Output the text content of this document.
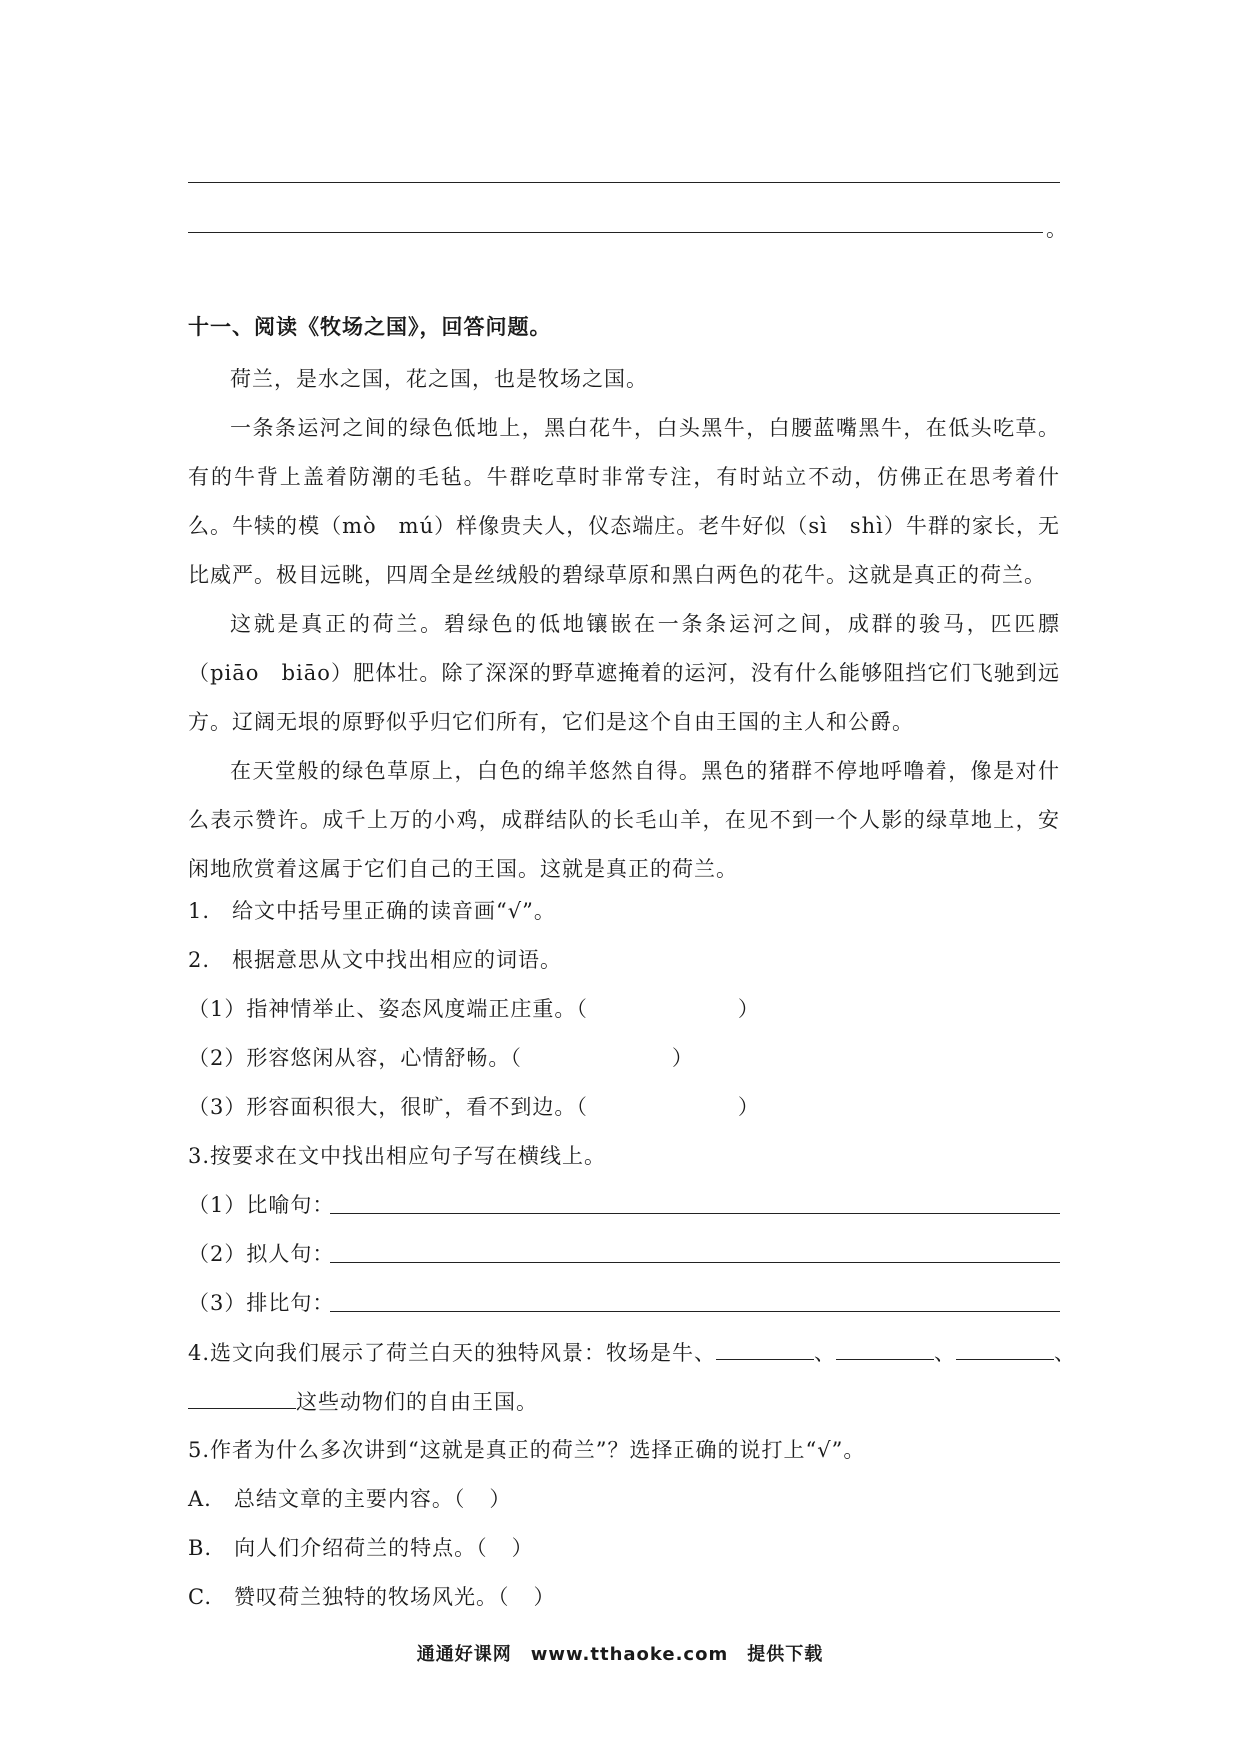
。
十一、阅读《牧场之国》，回答问题。
荷兰，是水之国，花之国，也是牧场之国。
一条条运河之间的绿色低地上，黑白花牛，白头黑牛，白腰蓝嘴黑牛，在低头吃草。有的牛背上盖着防潮的毛毡。牛群吃草时非常专注，有时站立不动，仿佛正在思考着什么。牛犊的模（mò　mú）样像贵夫人，仪态端庄。老牛好似（sì　shì）牛群的家长，无比威严。极目远眺，四周全是丝绒般的碧绿草原和黑白两色的花牛。这就是真正的荷兰。
这就是真正的荷兰。碧绿色的低地镶嵌在一条条运河之间，成群的骏马，匹匹膘（piāo　biāo）肥体壮。除了深深的野草遮掩着的运河，没有什么能够阻挡它们飞驰到远方。辽阔无垠的原野似乎归它们所有，它们是这个自由王国的主人和公爵。
在天堂般的绿色草原上，白色的绵羊悠然自得。黑色的猪群不停地呼噜着，像是对什么表示赞许。成千上万的小鸡，成群结队的长毛山羊，在见不到一个人影的绿草地上，安闲地欣赏着这属于它们自己的王国。这就是真正的荷兰。
1.　给文中括号里正确的读音画“√”。
2.　根据意思从文中找出相应的词语。
（1）指神情举止、姿态风度端正庄重。（	）
（2）形容悠闲从容，心情舒畅。（	）
（3）形容面积很大，很旷，看不到边。（	）
3.按要求在文中找出相应句子写在横线上。
（1）比喻句：
（2）拟人句：
（3）排比句：
4.选文向我们展示了荷兰白天的独特风景：牧场是牛、	、	、	、
这些动物们的自由王国。
5.作者为什么多次讲到“这就是真正的荷兰”？选择正确的说打上“√”。
A.　总结文章的主要内容。（ ）
B.　向人们介绍荷兰的特点。（ ）
C.　赞叹荷兰独特的牧场风光。（ ）
通通好课网　www.tthaoke.com　提供下载
